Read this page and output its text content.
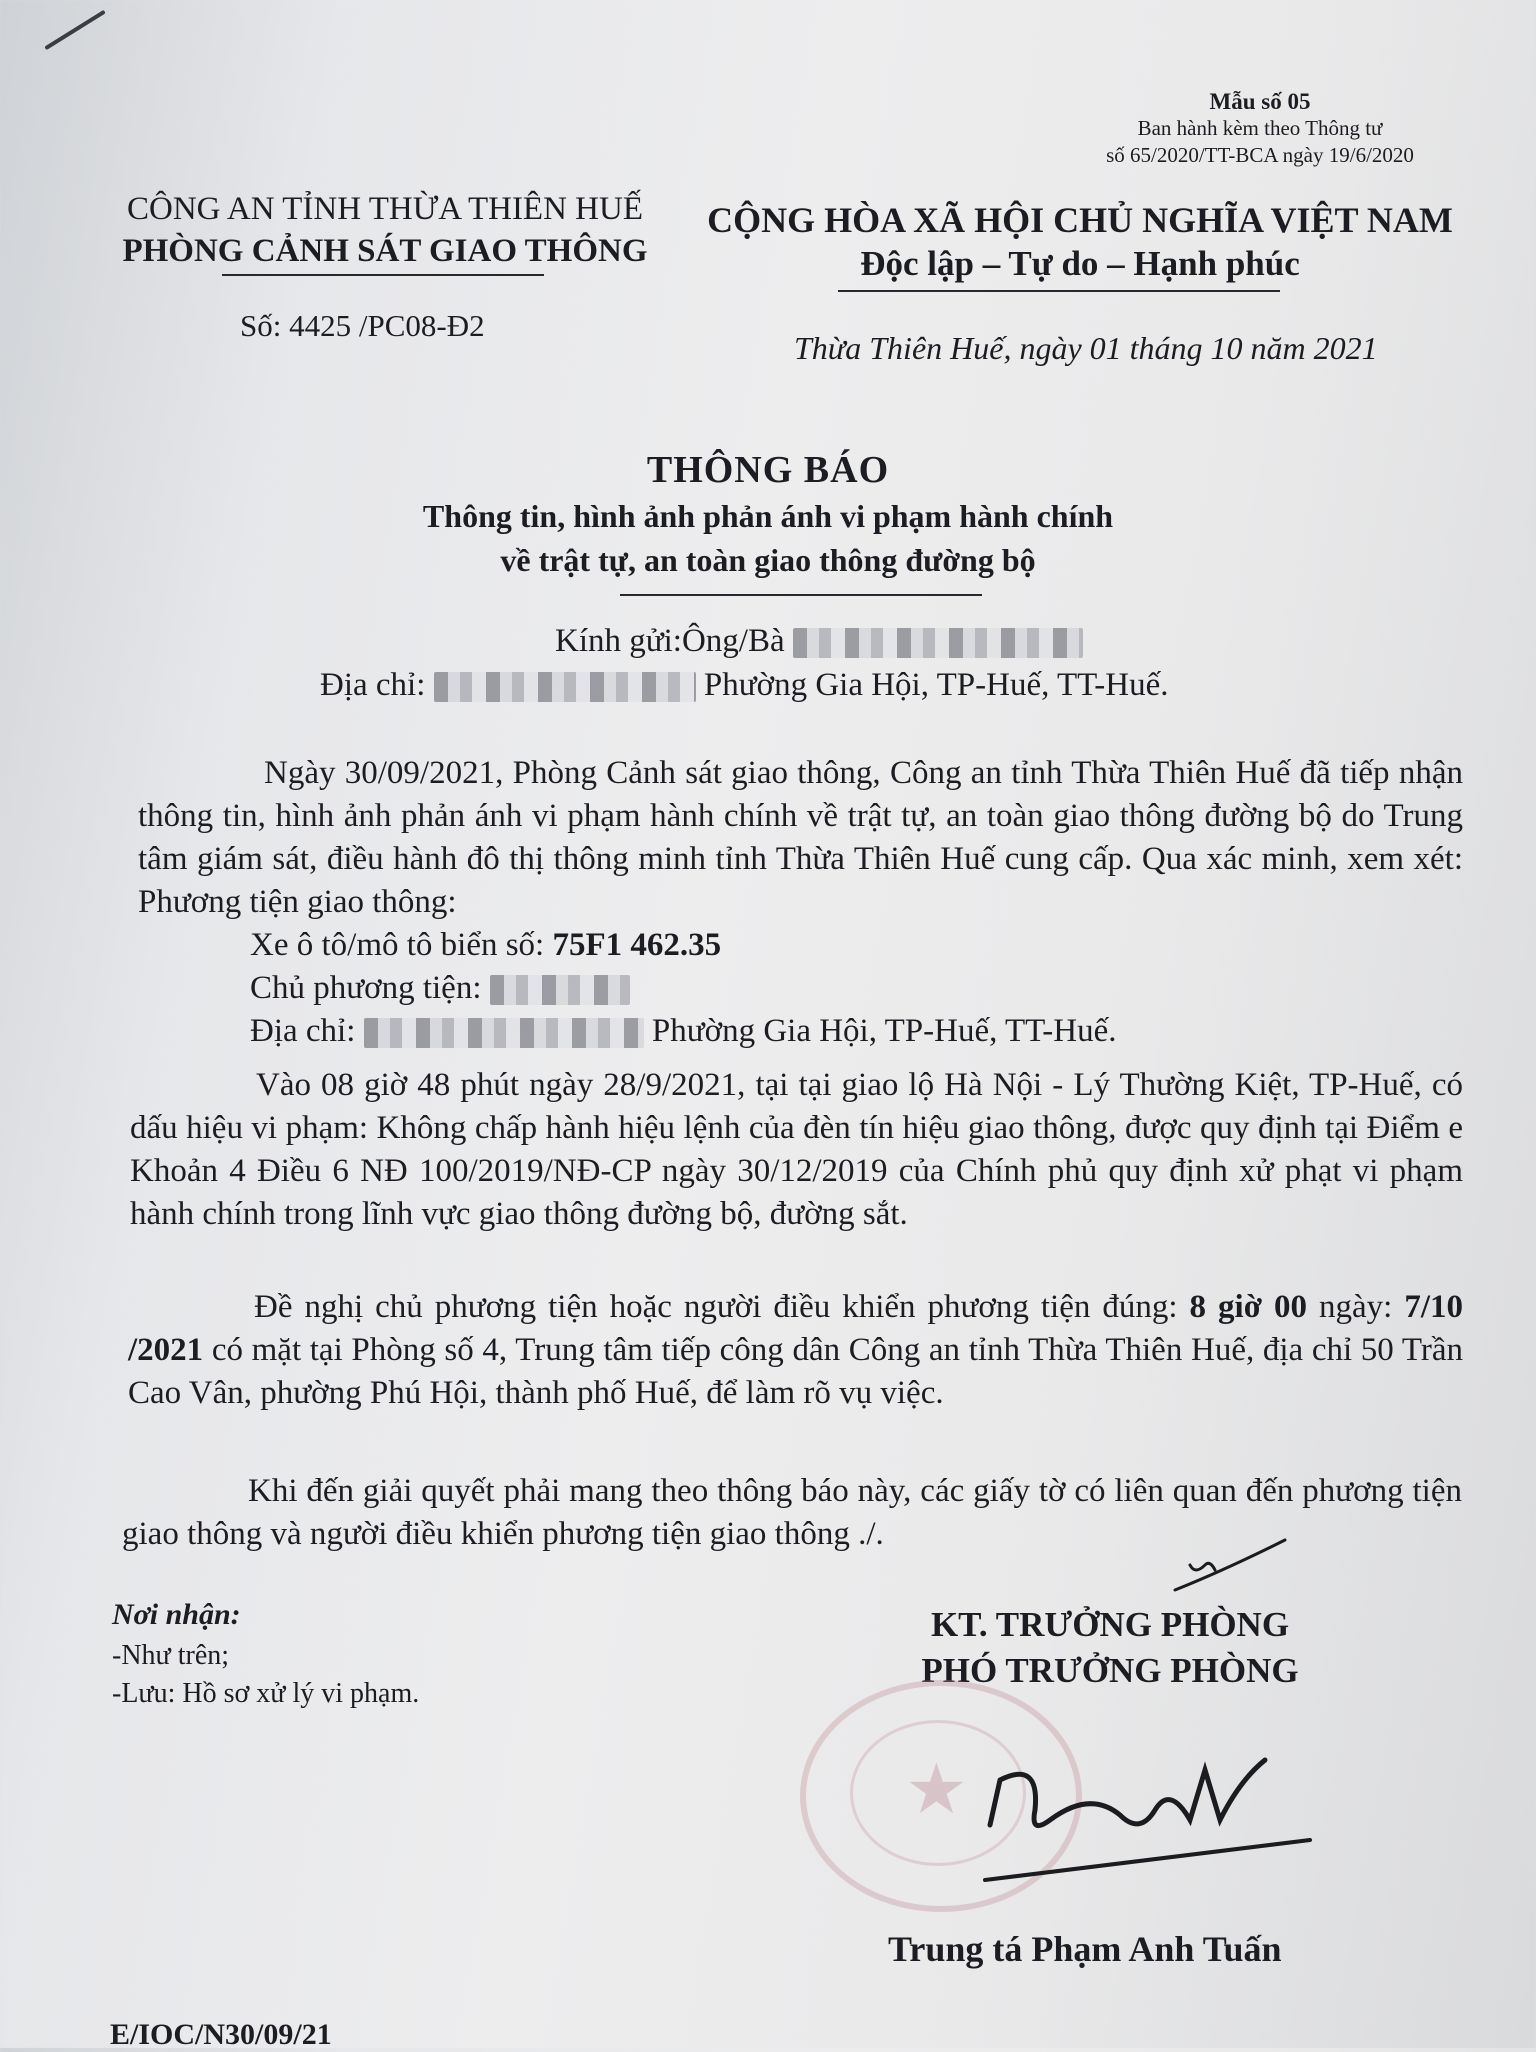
Mẫu số 05
Ban hành kèm theo Thông tư
số 65/2020/TT-BCA ngày 19/6/2020
CÔNG AN TỈNH THỪA THIÊN HUẾ
PHÒNG CẢNH SÁT GIAO THÔNG
CỘNG HÒA XÃ HỘI CHỦ NGHĨA VIỆT NAM
Độc lập – Tự do – Hạnh phúc
Số: 4425 /PC08-Đ2
Thừa Thiên Huế, ngày 01 tháng 10 năm 2021
THÔNG BÁO
Thông tin, hình ảnh phản ánh vi phạm hành chính
về trật tự, an toàn giao thông đường bộ
Kính gửi:Ông/Bà
Địa chỉ:	Phường Gia Hội, TP-Huế, TT-Huế.
Ngày 30/09/2021, Phòng Cảnh sát giao thông, Công an tỉnh Thừa Thiên Huế đã tiếp nhận thông tin, hình ảnh phản ánh vi phạm hành chính về trật tự, an toàn giao thông đường bộ do Trung tâm giám sát, điều hành đô thị thông minh tỉnh Thừa Thiên Huế cung cấp. Qua xác minh, xem xét: Phương tiện giao thông:
Xe ô tô/mô tô biển số: 75F1 462.35
Chủ phương tiện:
Địa chỉ:	Phường Gia Hội, TP-Huế, TT-Huế.
Vào 08 giờ 48 phút ngày 28/9/2021, tại tại giao lộ Hà Nội - Lý Thường Kiệt, TP-Huế, có dấu hiệu vi phạm: Không chấp hành hiệu lệnh của đèn tín hiệu giao thông, được quy định tại Điểm e Khoản 4 Điều 6 NĐ 100/2019/NĐ-CP ngày 30/12/2019 của Chính phủ quy định xử phạt vi phạm hành chính trong lĩnh vực giao thông đường bộ, đường sắt.
Đề nghị chủ phương tiện hoặc người điều khiển phương tiện đúng: 8 giờ 00 ngày: 7/10 /2021 có mặt tại Phòng số 4, Trung tâm tiếp công dân Công an tỉnh Thừa Thiên Huế, địa chỉ 50 Trần Cao Vân, phường Phú Hội, thành phố Huế, để làm rõ vụ việc.
Khi đến giải quyết phải mang theo thông báo này, các giấy tờ có liên quan đến phương tiện giao thông và người điều khiển phương tiện giao thông ./.
Nơi nhận:
-Như trên;
-Lưu: Hồ sơ xử lý vi phạm.
KT. TRƯỞNG PHÒNG
PHÓ TRƯỞNG PHÒNG
★
Trung tá Phạm Anh Tuấn
E/IOC/N30/09/21
